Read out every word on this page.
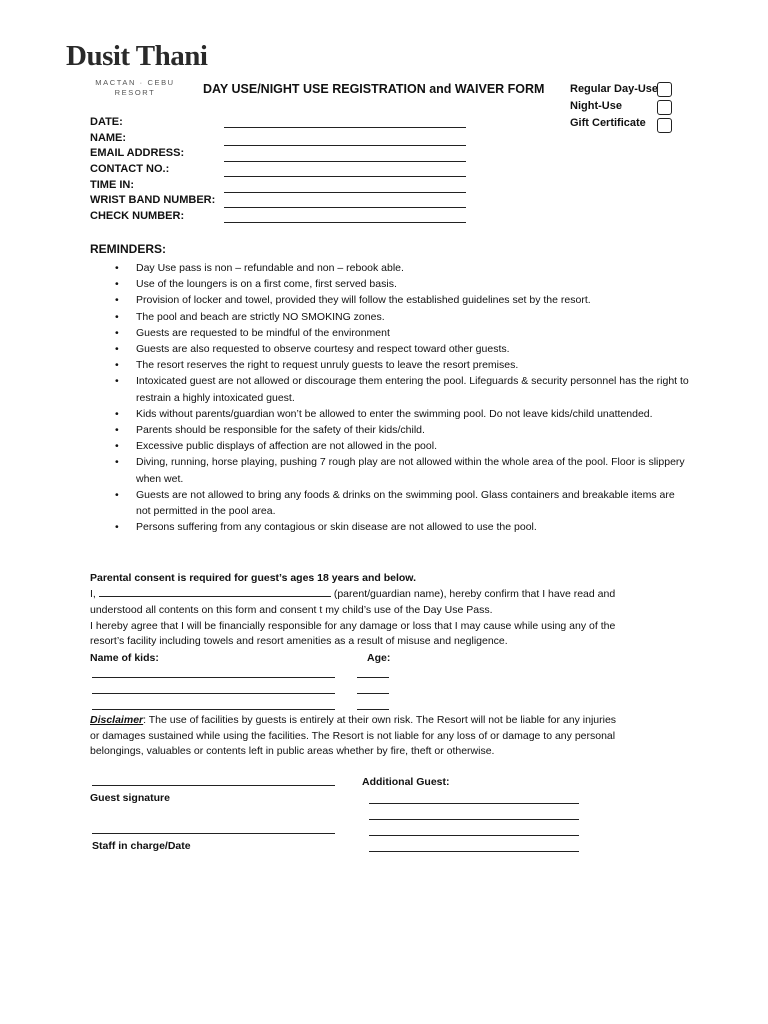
Dusit Thani
MACTAN · CEBU
RESORT	DAY USE/NIGHT USE REGISTRATION and WAIVER FORM Regular Day-Use
Night-Use
Gift Certificate
DATE:
NAME:
EMAIL ADDRESS:
CONTACT NO.:
TIME IN:
WRIST BAND NUMBER:
CHECK NUMBER:
REMINDERS:
• Day Use pass is non – refundable and non – rebook able.
• Use of the loungers is on a first come, first served basis.
• Provision of locker and towel, provided they will follow the established guidelines set by the resort.
• The pool and beach are strictly NO SMOKING zones.
• Guests are requested to be mindful of the environment
• Guests are also requested to observe courtesy and respect toward other guests.
• The resort reserves the right to request unruly guests to leave the resort premises.
• Intoxicated guest are not allowed or discourage them entering the pool. Lifeguards & security personnel has the right to restrain a highly intoxicated guest.
• Kids without parents/guardian won’t be allowed to enter the swimming pool. Do not leave kids/child unattended.
• Parents should be responsible for the safety of their kids/child.
• Excessive public displays of affection are not allowed in the pool.
• Diving, running, horse playing, pushing 7 rough play are not allowed within the whole area of the pool. Floor is slippery when wet.
• Guests are not allowed to bring any foods & drinks on the swimming pool. Glass containers and breakable items are not permitted in the pool area.
• Persons suffering from any contagious or skin disease are not allowed to use the pool.
Parental consent is required for guest’s ages 18 years and below.
I,	(parent/guardian name), hereby confirm that I have read and
understood all contents on this form and consent t my child’s use of the Day Use Pass.
I hereby agree that I will be financially responsible for any damage or loss that I may cause while using any of the
resort’s facility including towels and resort amenities as a result of misuse and negligence.
Name of kids:	Age:
Disclaimer: The use of facilities by guests is entirely at their own risk. The Resort will not be liable for any injuries
or damages sustained while using the facilities. The Resort is not liable for any loss of or damage to any personal
belongings, valuables or contents left in public areas whether by fire, theft or otherwise.
Guest signature
Staff in charge/Date
Additional Guest:
